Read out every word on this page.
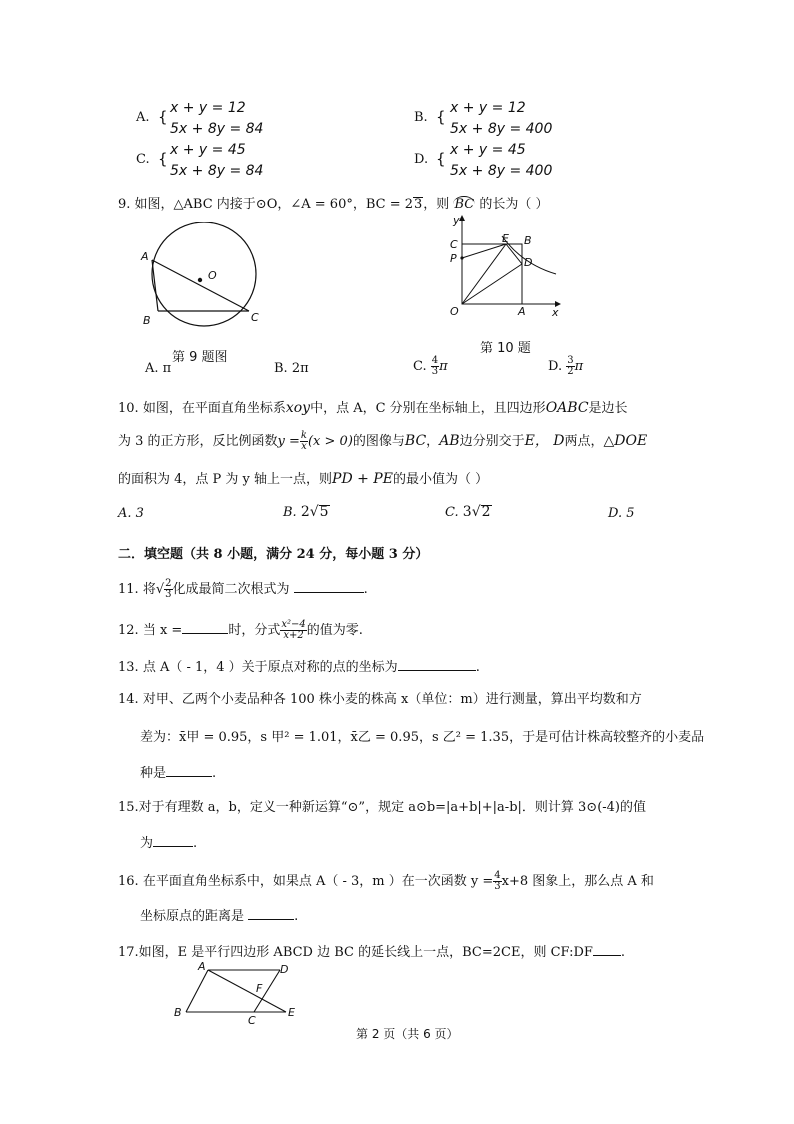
A. { x + y = 12
5x + 8y = 84
B. { x + y = 12
5x + 8y = 400
C. { x + y = 45
5x + 8y = 84
D. { x + y = 45
5x + 8y = 400
9. 如图，△ABC 内接于⊙O，∠A = 60°，BC = 23，则 BC 的长为（ ）
A
B	C
O
第 9 题图
y
x
C
P
E B
D
O	A
第 10 题
A. π	B. 2π	C. $\frac{4}{3}$ π	D. $\frac{3}{2}$ π
10. 如图，在平面直角坐标系xoy中，点 A，C 分别在坐标轴上，且四边形OABC是边长
为 3 的正方形，反比例函数$y = \frac{k}{x} (x > 0)$的图像与BC，AB边分别交于E， D两点，△DOE
的面积为 4，点 P 为 y 轴上一点，则PD + PE的最小值为（ ）
A. 3	B. 2√5	C. 3√2	D. 5
二．填空题（共 8 小题，满分 24 分，每小题 3 分）
11. 将√ $\frac{2}{3}$ 化成最简二次根式为	.
12. 当 x =	时，分式 $\frac{\text{x²−4}}{x+2}$ 的值为零.
13. 点 A（ - 1，4 ）关于原点对称的点的坐标为	.
14. 对甲、乙两个小麦品种各 100 株小麦的株高 x（单位：m）进行测量，算出平均数和方
差为：x̄甲 = 0.95，s 甲² = 1.01，x̄乙 = 0.95，s 乙² = 1.35，于是可估计株高较整齐的小麦品
种是	.
15.对于有理数 a，b，定义一种新运算“⊙”，规定 a⊙b=|a+b|+|a-b|．则计算 3⊙(-4)的值
为	.
16. 在平面直角坐标系中，如果点 A（ - 3，m ）在一次函数 $y = \frac{4}{3} x+8$ 图象上，那么点 A 和
坐标原点的距离是	.
17.如图，E 是平行四边形 ABCD 边 BC 的延长线上一点，BC=2CE，则 CF:DF .
A	D
F
B
C
E
第 2 页（共 6 页）
